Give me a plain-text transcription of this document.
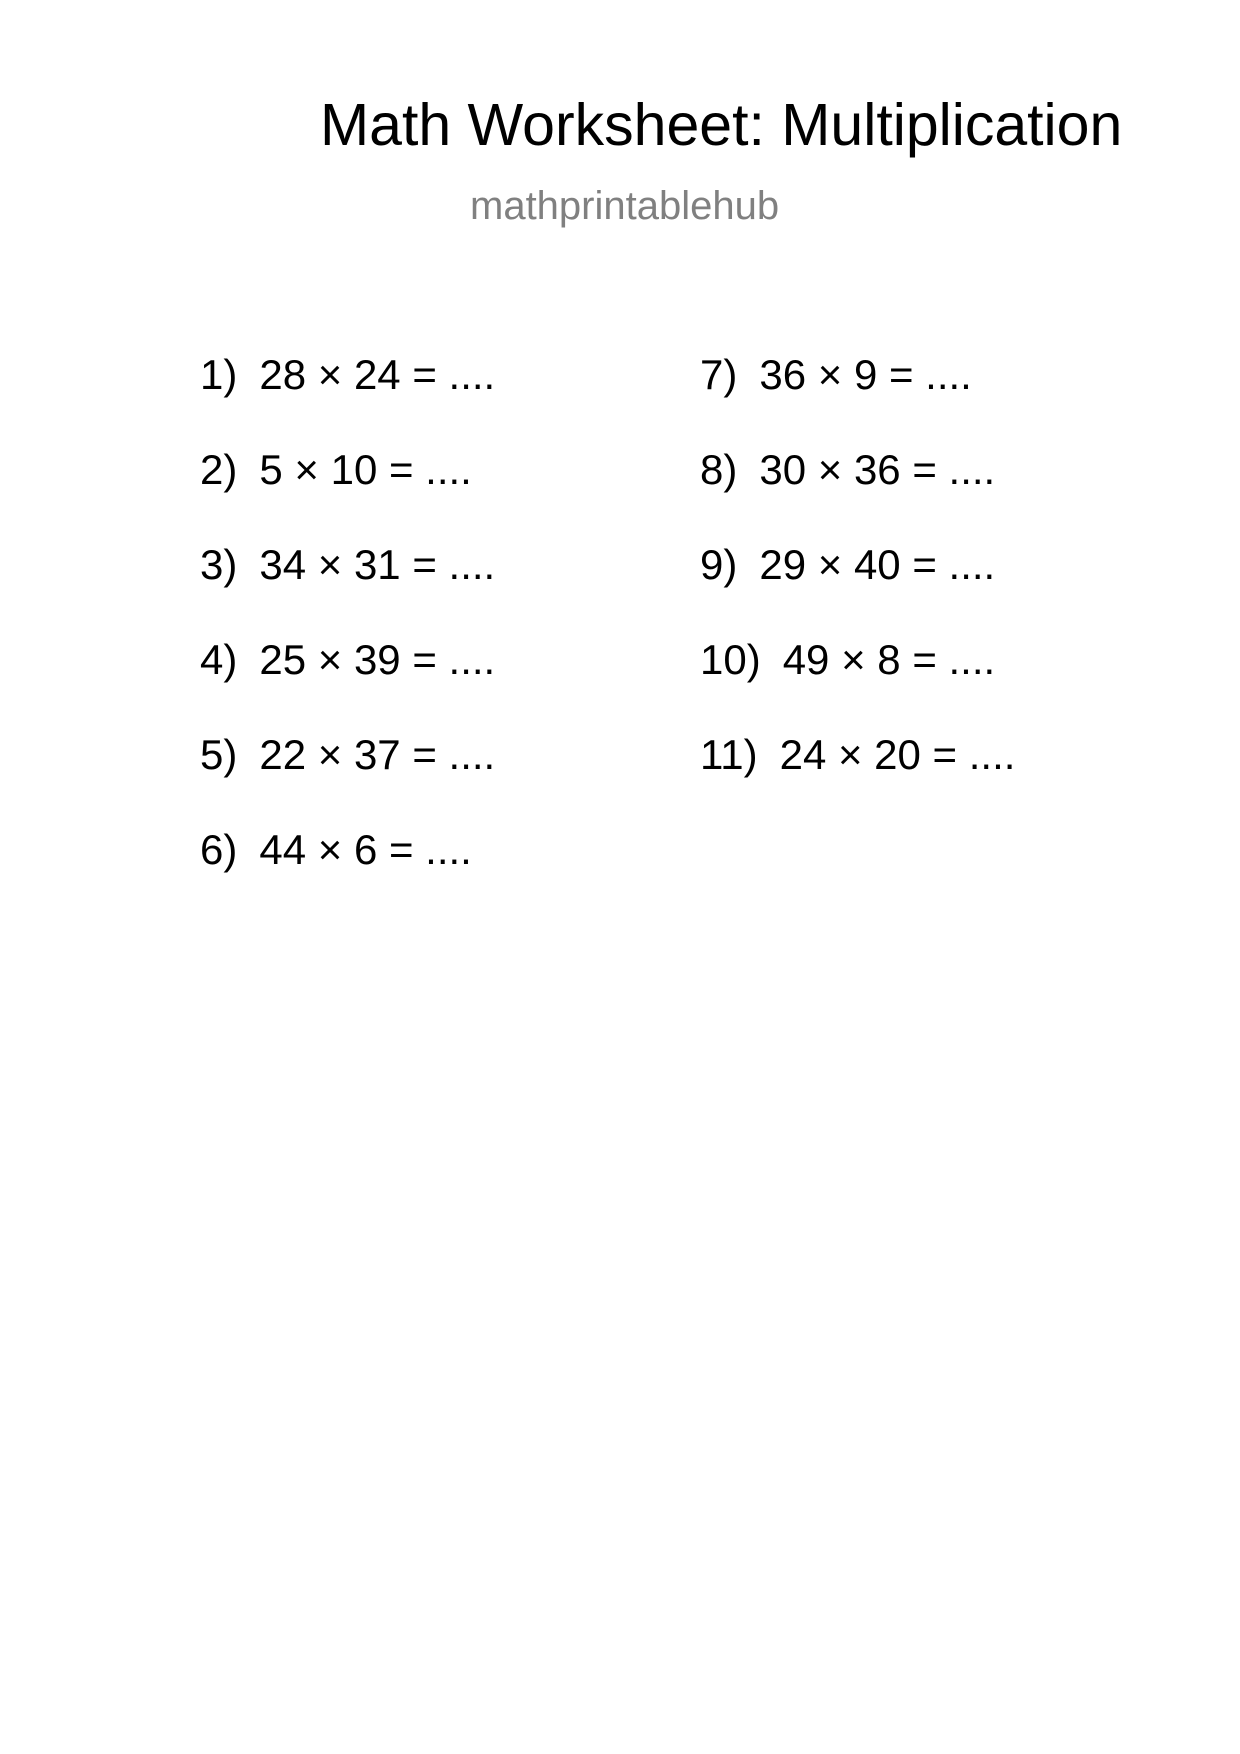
Math Worksheet: Multiplication
mathprintablehub
1) 28 × 24 = ....
2) 5 × 10 = ....
3) 34 × 31 = ....
4) 25 × 39 = ....
5) 22 × 37 = ....
6) 44 × 6 = ....
7) 36 × 9 = ....
8) 30 × 36 = ....
9) 29 × 40 = ....
10) 49 × 8 = ....
11) 24 × 20 = ....
